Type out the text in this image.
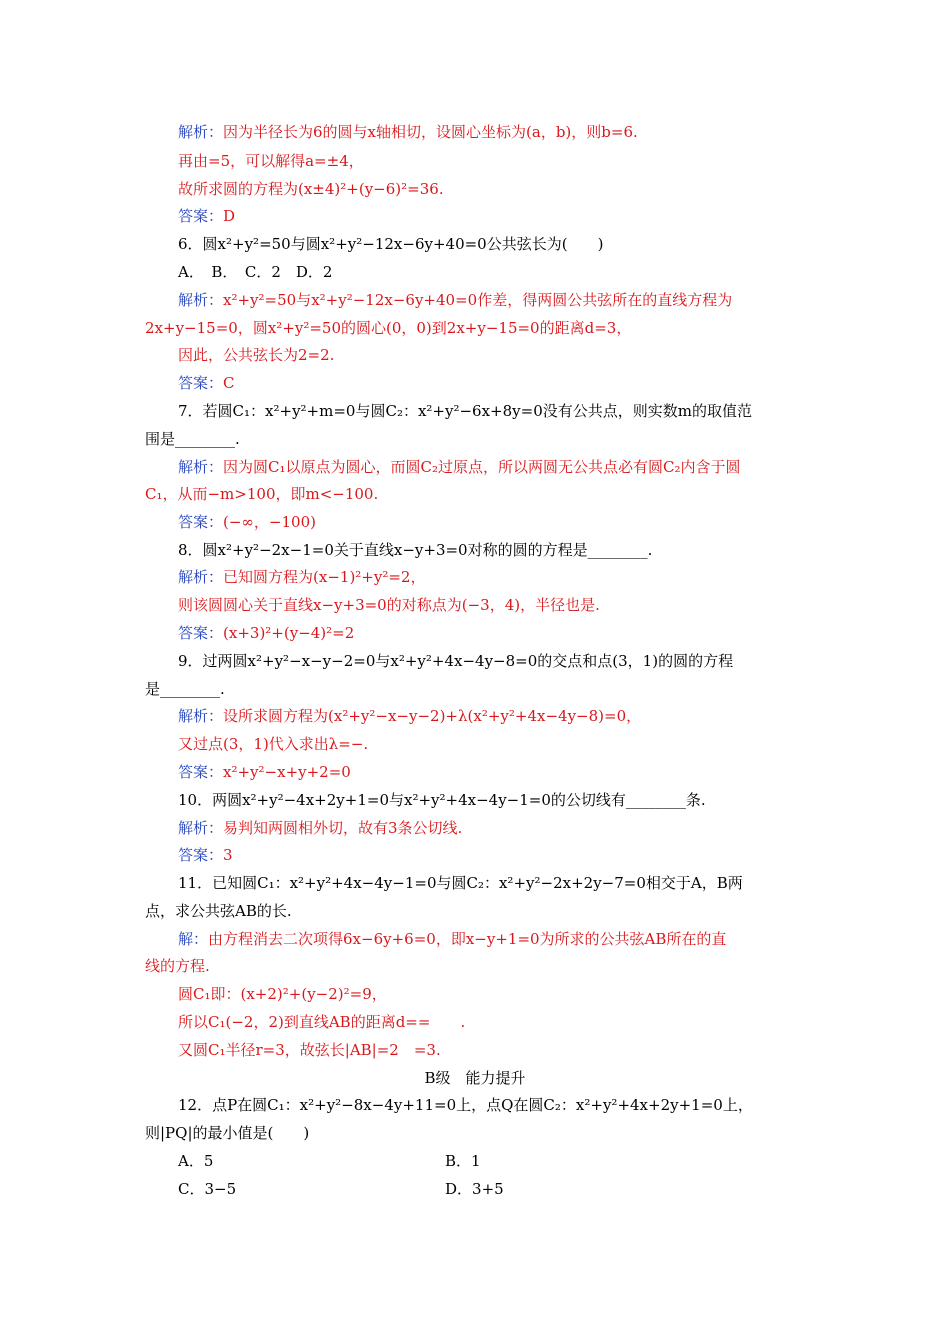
解析：因为半径长为6的圆与x轴相切，设圆心坐标为(a，b)，则b=6.
再由=5，可以解得a=±4，
故所求圆的方程为(x±4)²+(y−6)²=36.
答案：D
6．圆x²+y²=50与圆x²+y²−12x−6y+40=0公共弦长为(　　)
A．　B．　C．2　D．2
解析：x²+y²=50与x²+y²−12x−6y+40=0作差，得两圆公共弦所在的直线方程为
2x+y−15=0，圆x²+y²=50的圆心(0，0)到2x+y−15=0的距离d=3，
因此，公共弦长为2=2.
答案：C
7．若圆C₁：x²+y²+m=0与圆C₂：x²+y²−6x+8y=0没有公共点，则实数m的取值范
围是________.
解析：因为圆C₁以原点为圆心，而圆C₂过原点，所以两圆无公共点必有圆C₂内含于圆
C₁，从而−m>100，即m<−100.
答案：(−∞，−100)
8．圆x²+y²−2x−1=0关于直线x−y+3=0对称的圆的方程是________.
解析：已知圆方程为(x−1)²+y²=2，
则该圆圆心关于直线x−y+3=0的对称点为(−3，4)，半径也是.
答案：(x+3)²+(y−4)²=2
9．过两圆x²+y²−x−y−2=0与x²+y²+4x−4y−8=0的交点和点(3，1)的圆的方程
是________.
解析：设所求圆方程为(x²+y²−x−y−2)+λ(x²+y²+4x−4y−8)=0，
又过点(3，1)代入求出λ=−.
答案：x²+y²−x+y+2=0
10．两圆x²+y²−4x+2y+1=0与x²+y²+4x−4y−1=0的公切线有________条.
解析：易判知两圆相外切，故有3条公切线.
答案：3
11．已知圆C₁：x²+y²+4x−4y−1=0与圆C₂：x²+y²−2x+2y−7=0相交于A，B两
点，求公共弦AB的长.
解：由方程消去二次项得6x−6y+6=0，即x−y+1=0为所求的公共弦AB所在的直
线的方程.
圆C₁即：(x+2)²+(y−2)²=9，
所以C₁(−2，2)到直线AB的距离d==　　.
又圆C₁半径r=3，故弦长|AB|=2　=3.
B级　能力提升
12．点P在圆C₁：x²+y²−8x−4y+11=0上，点Q在圆C₂：x²+y²+4x+2y+1=0上，
则|PQ|的最小值是(　　)
A．5	B．1
C．3−5	D．3+5
